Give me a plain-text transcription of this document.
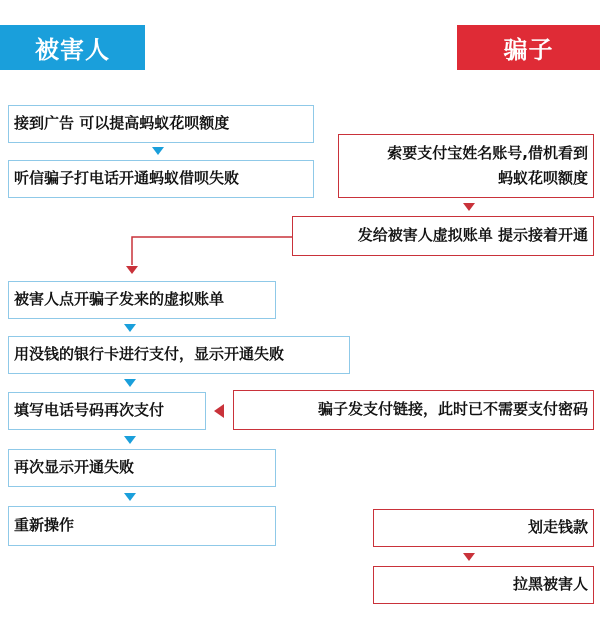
被害人	骗子
接到广告 可以提高蚂蚁花呗额度
听信骗子打电话开通蚂蚁借呗失败
被害人点开骗子发来的虚拟账单
用没钱的银行卡进行支付，显示开通失败
填写电话号码再次支付
再次显示开通失败
重新操作
索要支付宝姓名账号,借机看到
蚂蚁花呗额度
发给被害人虚拟账单 提示接着开通
骗子发支付链接，此时已不需要支付密码
划走钱款
拉黑被害人
